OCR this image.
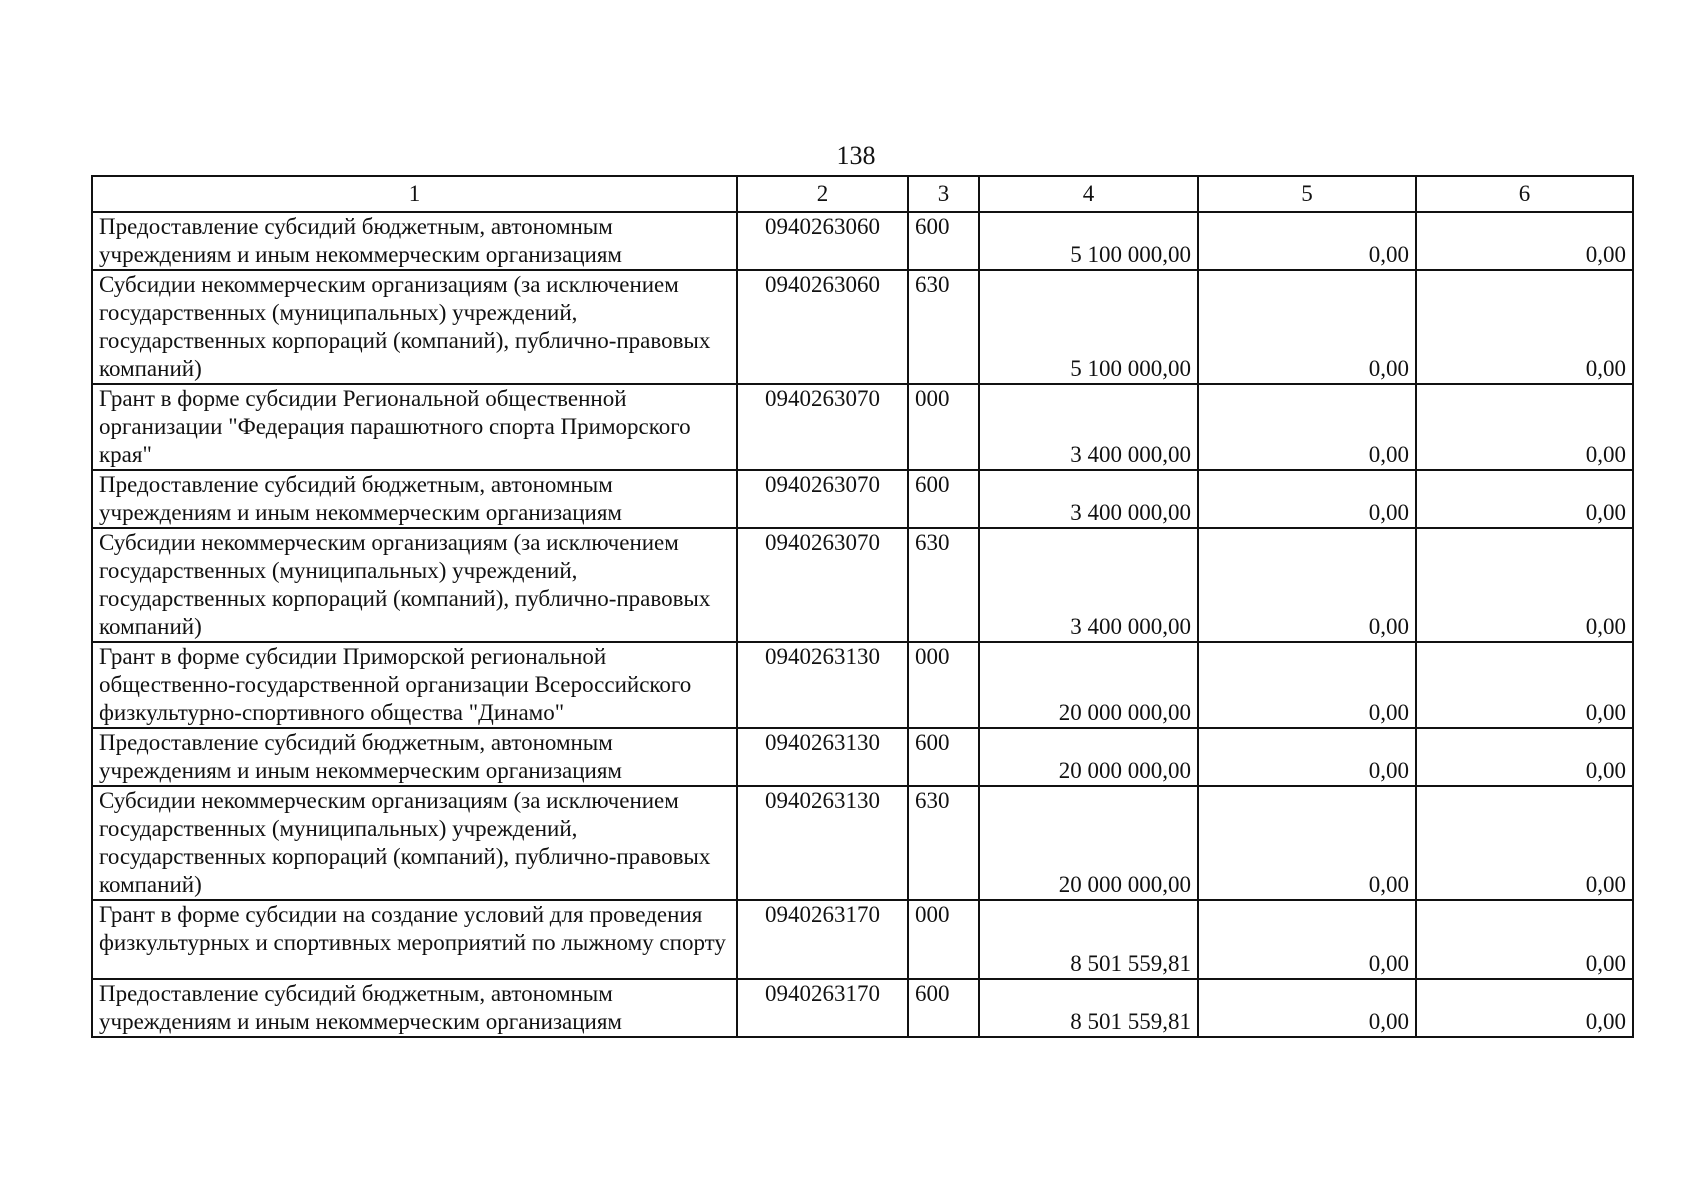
138
1	2	3	4	5	6
Предоставление субсидий бюджетным, автономным учреждениям и иным некоммерческим организациям	0940263060	600	5 100 000,00	0,00	0,00
Субсидии некоммерческим организациям (за исключением государственных (муниципальных) учреждений, государственных корпораций (компаний), публично-правовых компаний)	0940263060	630	5 100 000,00	0,00	0,00
Грант в форме субсидии Региональной общественной организации "Федерация парашютного спорта Приморского края"	0940263070	000	3 400 000,00	0,00	0,00
Предоставление субсидий бюджетным, автономным учреждениям и иным некоммерческим организациям	0940263070	600	3 400 000,00	0,00	0,00
Субсидии некоммерческим организациям (за исключением государственных (муниципальных) учреждений, государственных корпораций (компаний), публично-правовых компаний)	0940263070	630	3 400 000,00	0,00	0,00
Грант в форме субсидии Приморской региональной общественно-государственной организации Всероссийского физкультурно-спортивного общества "Динамо"	0940263130	000	20 000 000,00	0,00	0,00
Предоставление субсидий бюджетным, автономным учреждениям и иным некоммерческим организациям	0940263130	600	20 000 000,00	0,00	0,00
Субсидии некоммерческим организациям (за исключением государственных (муниципальных) учреждений, государственных корпораций (компаний), публично-правовых компаний)	0940263130	630	20 000 000,00	0,00	0,00
Грант в форме субсидии на создание условий для проведения физкультурных и спортивных мероприятий по лыжному спорту	0940263170	000	8 501 559,81	0,00	0,00
Предоставление субсидий бюджетным, автономным учреждениям и иным некоммерческим организациям	0940263170	600	8 501 559,81	0,00	0,00
